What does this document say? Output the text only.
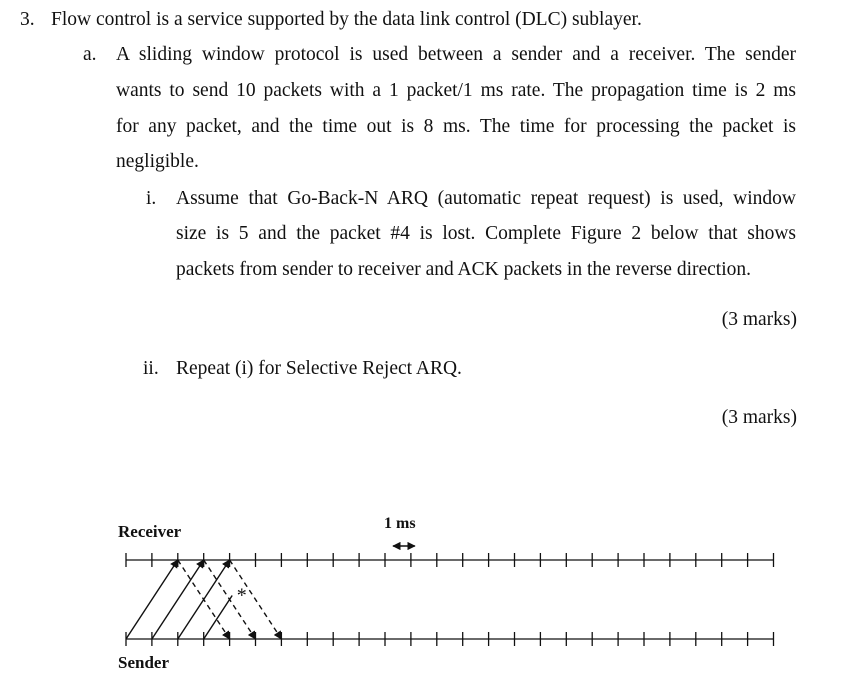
3. Flow control is a service supported by the data link control (DLC) sublayer.
a. A sliding window protocol is used between a sender and a receiver. The sender
wants to send 10 packets with a 1 packet/1 ms rate. The propagation time is 2 ms
for any packet, and the time out is 8 ms. The time for processing the packet is
negligible.
i. Assume that Go-Back-N ARQ (automatic repeat request) is used, window
size is 5 and the packet #4 is lost. Complete Figure 2 below that shows
packets from sender to receiver and ACK packets in the reverse direction.
(3 marks)
ii. Repeat (i) for Selective Reject ARQ.
(3 marks)
Receiver
Sender
1 ms
*
